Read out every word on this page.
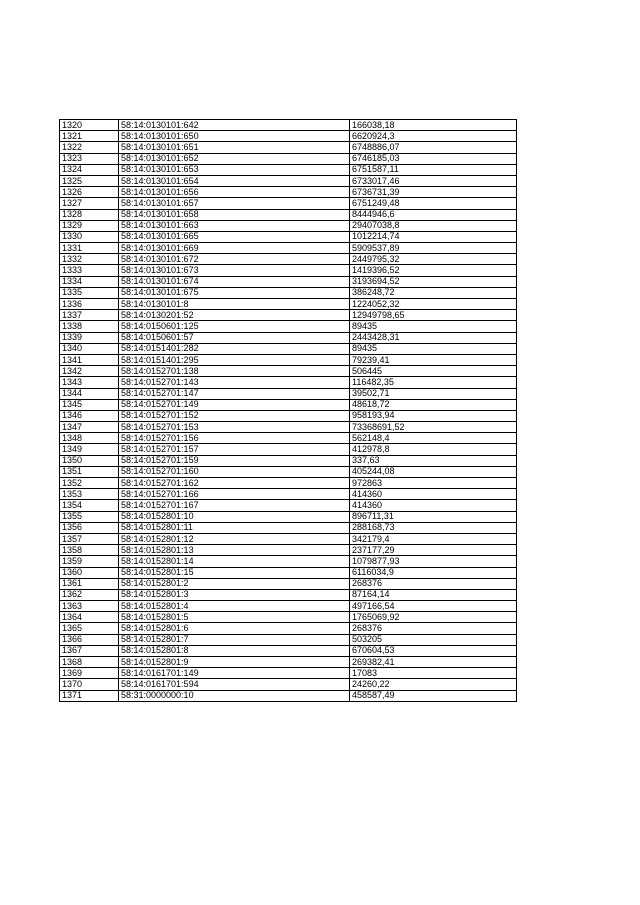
1320	58:14:0130101:642	166038,18
1321	58:14:0130101:650	6620924,3
1322	58:14:0130101:651	6748886,07
1323	58:14:0130101:652	6746185,03
1324	58:14:0130101:653	6751587,11
1325	58:14:0130101:654	6733017,46
1326	58:14:0130101:656	6736731,39
1327	58:14:0130101:657	6751249,48
1328	58:14:0130101:658	8444946,6
1329	58:14:0130101:663	29407038,8
1330	58:14:0130101:665	1012214,74
1331	58:14:0130101:669	5909537,89
1332	58:14:0130101:672	2449795,32
1333	58:14:0130101:673	1419396,52
1334	58:14:0130101:674	3193694,52
1335	58:14:0130101:675	386248,72
1336	58:14:0130101:8	1224052,32
1337	58:14:0130201:52	12949798,65
1338	58:14:0150601:125	89435
1339	58:14:0150601:57	2443428,31
1340	58:14:0151401:282	89435
1341	58:14:0151401:295	79239,41
1342	58:14:0152701:138	506445
1343	58:14:0152701:143	116482,35
1344	58:14:0152701:147	39502,71
1345	58:14:0152701:149	48618,72
1346	58:14:0152701:152	958193,94
1347	58:14:0152701:153	73368691,52
1348	58:14:0152701:156	562148,4
1349	58:14:0152701:157	412978,8
1350	58:14:0152701:159	337,63
1351	58:14:0152701:160	405244,08
1352	58:14:0152701:162	972863
1353	58:14:0152701:166	414360
1354	58:14:0152701:167	414360
1355	58:14:0152801:10	896711,31
1356	58:14:0152801:11	288168,73
1357	58:14:0152801:12	342179,4
1358	58:14:0152801:13	237177,29
1359	58:14:0152801:14	1079877,93
1360	58:14:0152801:15	6116034,9
1361	58:14:0152801:2	268376
1362	58:14:0152801:3	87164,14
1363	58:14:0152801:4	497166,54
1364	58:14:0152801:5	1765069,92
1365	58:14:0152801:6	268376
1366	58:14:0152801:7	503205
1367	58:14:0152801:8	670604,53
1368	58:14:0152801:9	269382,41
1369	58:14:0161701:149	17083
1370	58:14:0161701:594	24260,22
1371	58:31:0000000:10	458587,49
